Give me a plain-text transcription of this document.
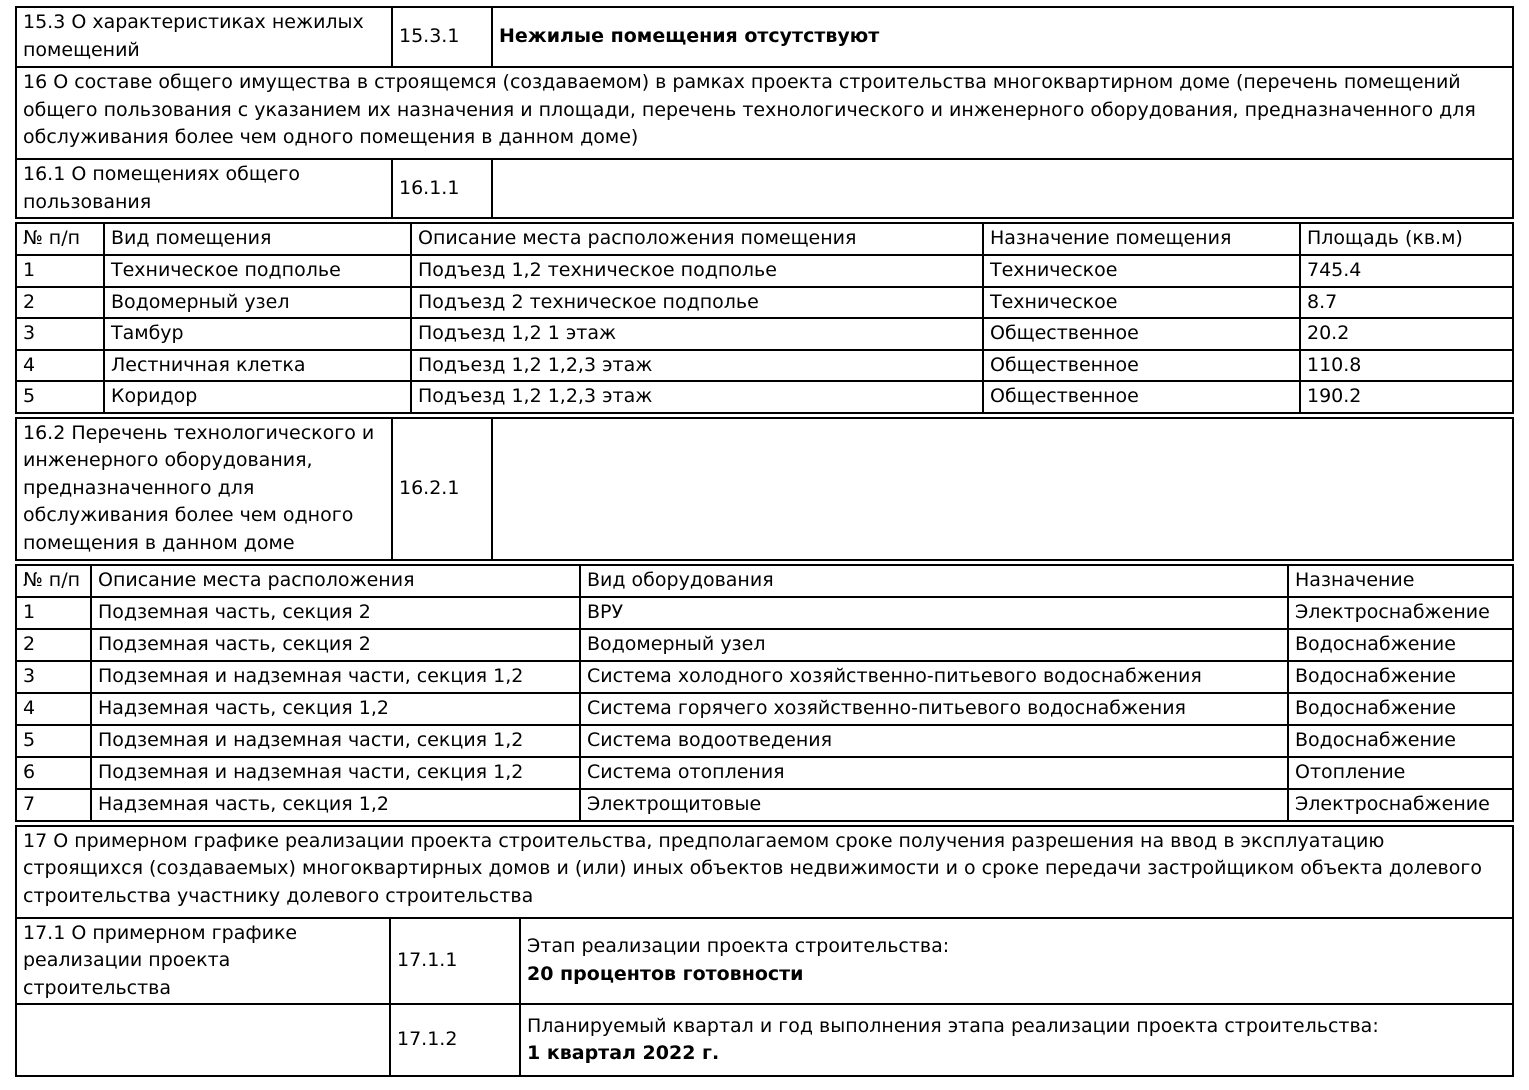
15.3 О характеристиках нежилых помещений	15.3.1	Нежилые помещения отсутствуют
16 О составе общего имущества в строящемся (создаваемом) в рамках проекта строительства многоквартирном доме (перечень помещений общего пользования с указанием их назначения и площади, перечень технологического и инженерного оборудования, предназначенного для обслуживания более чем одного помещения в данном доме)		
16.1 О помещениях общего пользования	16.1.1	
№ п/п	Вид помещения	Описание места расположения помещения	Назначение помещения	Площадь (кв.м)
1	Техническое подполье	Подъезд 1,2 техническое подполье	Техническое	745.4
2	Водомерный узел	Подъезд 2 техническое подполье	Техническое	8.7
3	Тамбур	Подъезд 1,2 1 этаж	Общественное	20.2
4	Лестничная клетка	Подъезд 1,2 1,2,3 этаж	Общественное	110.8
5	Коридор	Подъезд 1,2 1,2,3 этаж	Общественное	190.2
16.2 Перечень технологического и инженерного оборудования, предназначенного для обслуживания более чем одного помещения в данном доме	16.2.1	
№ п/п	Описание места расположения	Вид оборудования	Назначение
1	Подземная часть, секция 2	ВРУ	Электроснабжение
2	Подземная часть, секция 2	Водомерный узел	Водоснабжение
3	Подземная и надземная части, секция 1,2	Система холодного хозяйственно-питьевого водоснабжения	Водоснабжение
4	Надземная часть, секция 1,2	Система горячего хозяйственно-питьевого водоснабжения	Водоснабжение
5	Подземная и надземная части, секция 1,2	Система водоотведения	Водоснабжение
6	Подземная и надземная части, секция 1,2	Система отопления	Отопление
7	Надземная часть, секция 1,2	Электрощитовые	Электроснабжение
17 О примерном графике реализации проекта строительства, предполагаемом сроке получения разрешения на ввод в эксплуатацию строящихся (создаваемых) многоквартирных домов и (или) иных объектов недвижимости и о сроке передачи застройщиком объекта долевого строительства участнику долевого строительства		
17.1 О примерном графике реализации проекта строительства	17.1.1	Этап реализации проекта строительства:
20 процентов готовности

	17.1.2	Планируемый квартал и год выполнения этапа реализации проекта строительства:
1 квартал 2022 г.
